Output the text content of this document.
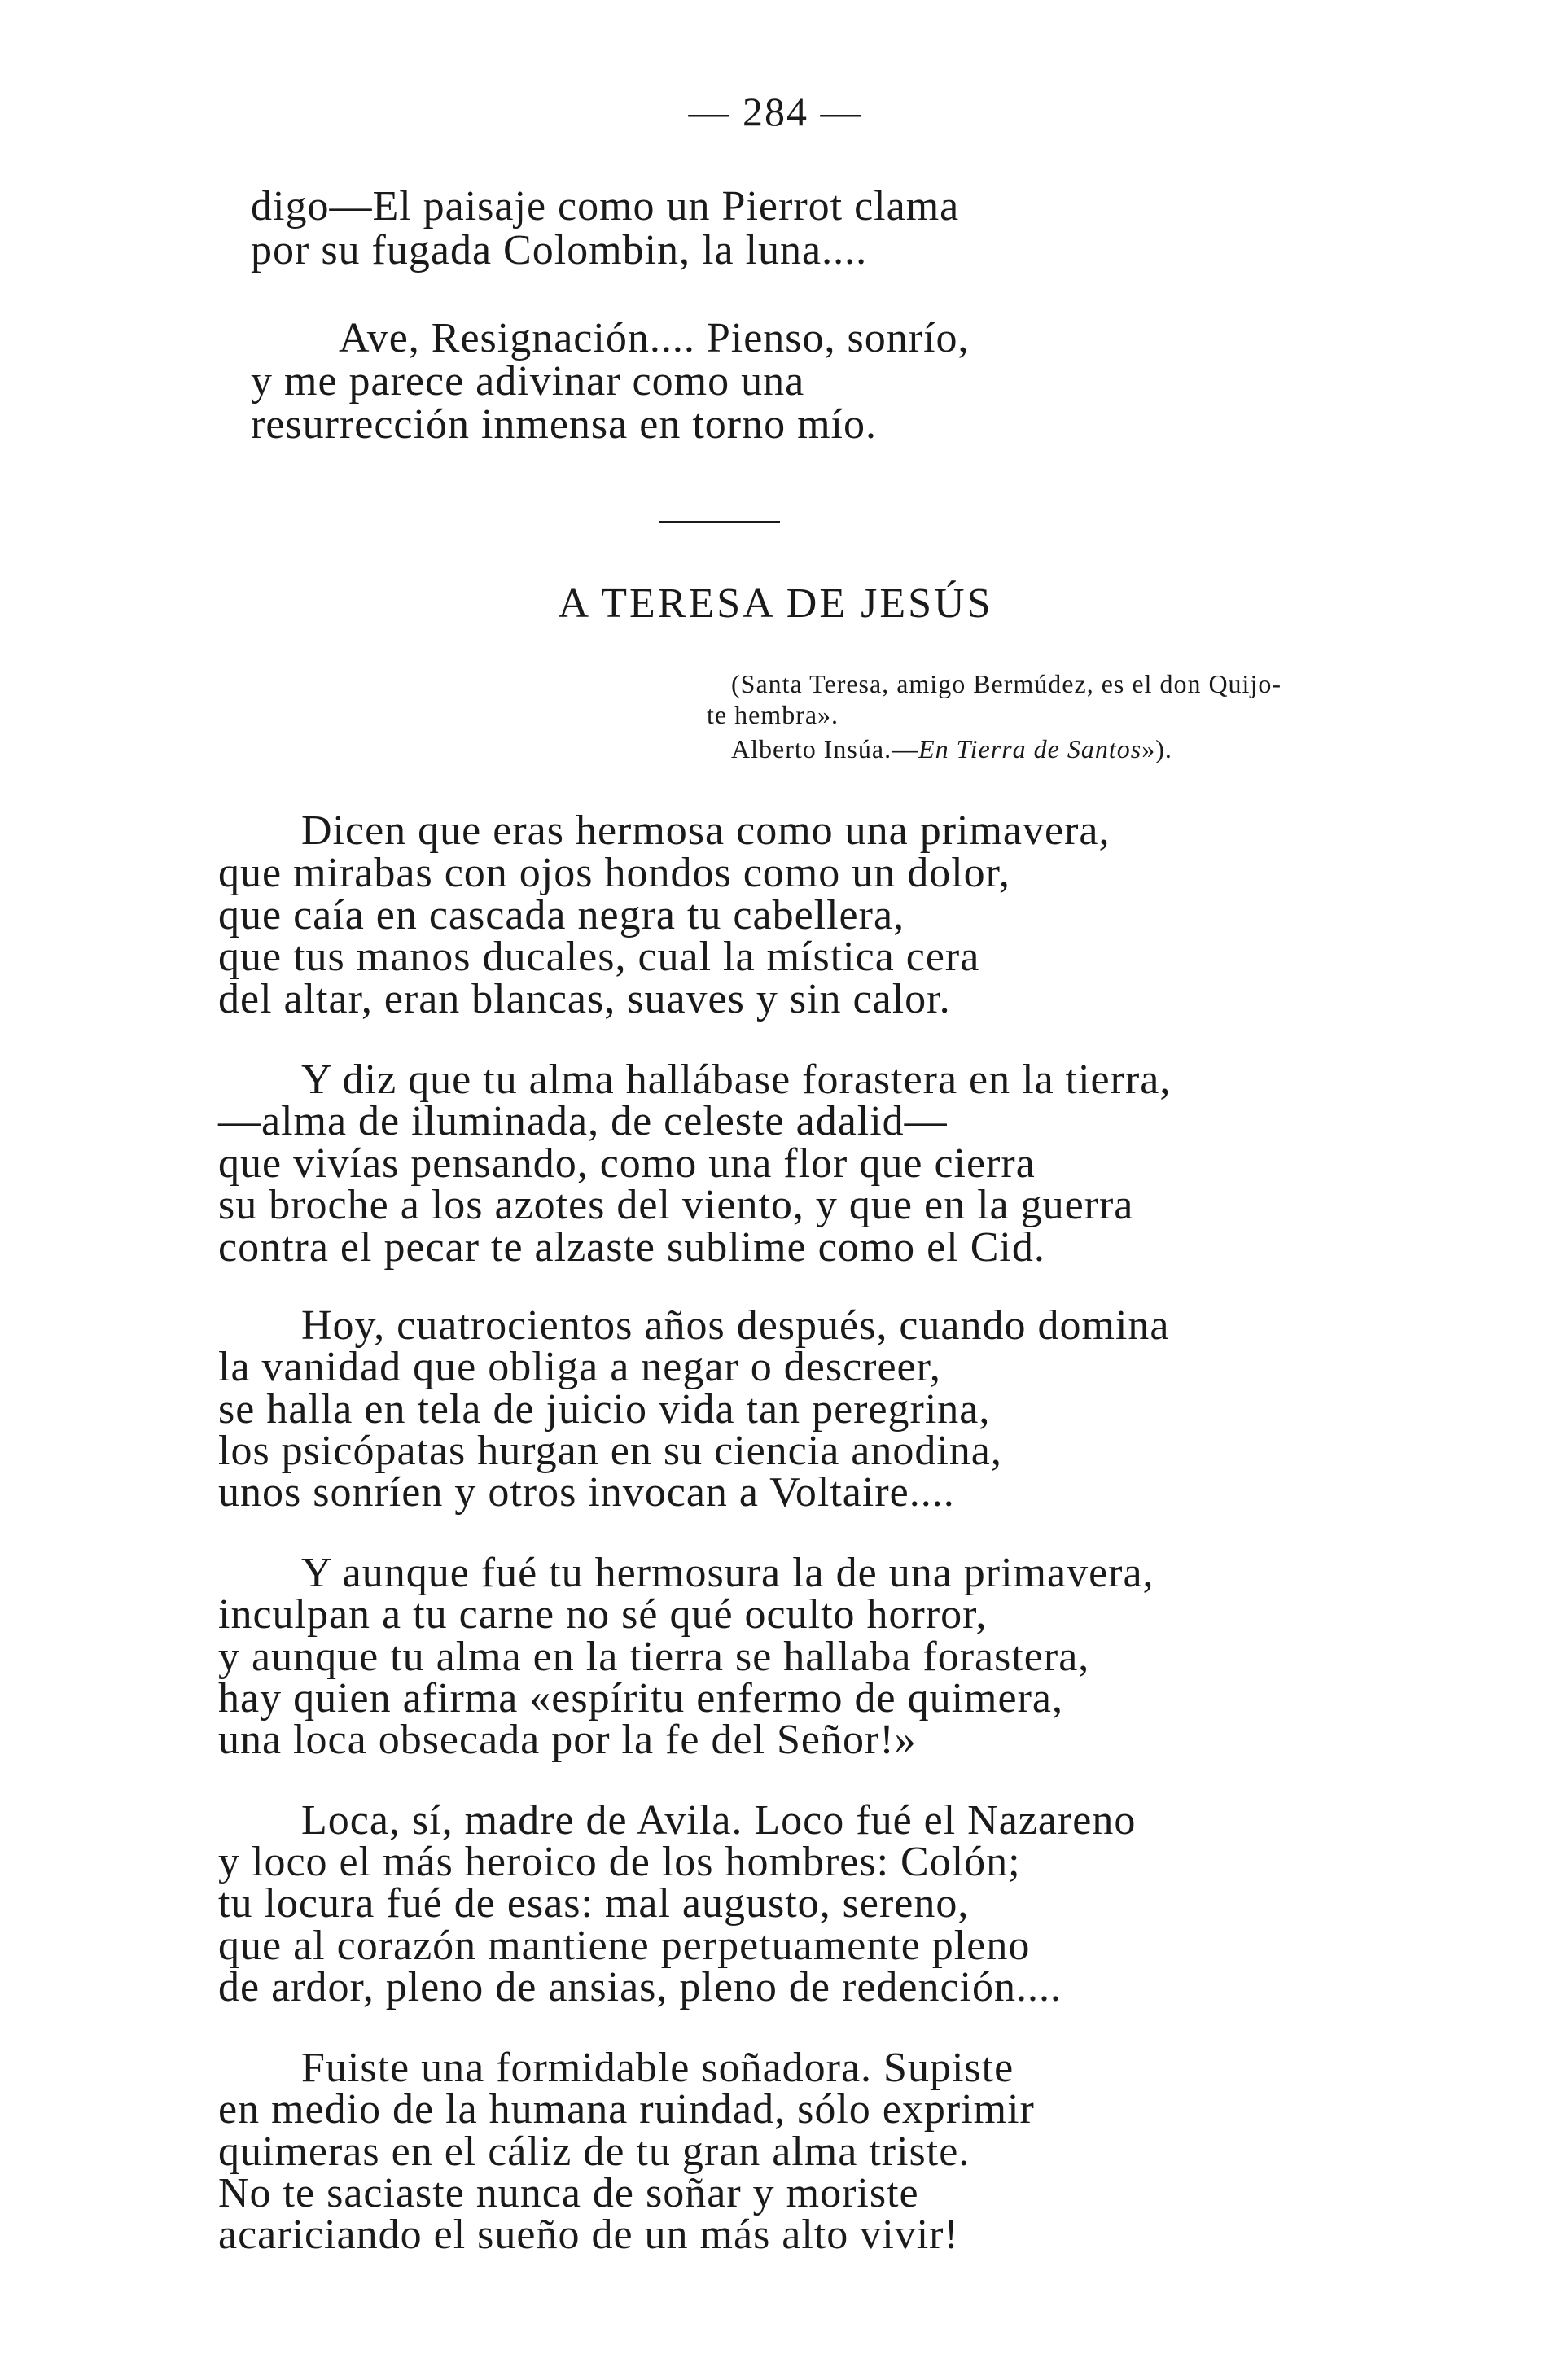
— 284 —
digo—El paisaje como un Pierrot clama
por su fugada Colombin, la luna....
Ave, Resignación.... Pienso, sonrío,
y me parece adivinar como una
resurrección inmensa en torno mío.
A TERESA DE JESÚS
(Santa Teresa, amigo Bermúdez, es el don Quijo-
te hembra».
Alberto Insúa.—En Tierra de Santos»).
Dicen que eras hermosa como una primavera,
que mirabas con ojos hondos como un dolor,
que caía en cascada negra tu cabellera,
que tus manos ducales, cual la mística cera
del altar, eran blancas, suaves y sin calor.
Y diz que tu alma hallábase forastera en la tierra,
—alma de iluminada, de celeste adalid—
que vivías pensando, como una flor que cierra
su broche a los azotes del viento, y que en la guerra
contra el pecar te alzaste sublime como el Cid.
Hoy, cuatrocientos años después, cuando domina
la vanidad que obliga a negar o descreer,
se halla en tela de juicio vida tan peregrina,
los psicópatas hurgan en su ciencia anodina,
unos sonríen y otros invocan a Voltaire....
Y aunque fué tu hermosura la de una primavera,
inculpan a tu carne no sé qué oculto horror,
y aunque tu alma en la tierra se hallaba forastera,
hay quien afirma «espíritu enfermo de quimera,
una loca obsecada por la fe del Señor!»
Loca, sí, madre de Avila. Loco fué el Nazareno
y loco el más heroico de los hombres: Colón;
tu locura fué de esas: mal augusto, sereno,
que al corazón mantiene perpetuamente pleno
de ardor, pleno de ansias, pleno de redención....
Fuiste una formidable soñadora. Supiste
en medio de la humana ruindad, sólo exprimir
quimeras en el cáliz de tu gran alma triste.
No te saciaste nunca de soñar y moriste
acariciando el sueño de un más alto vivir!
